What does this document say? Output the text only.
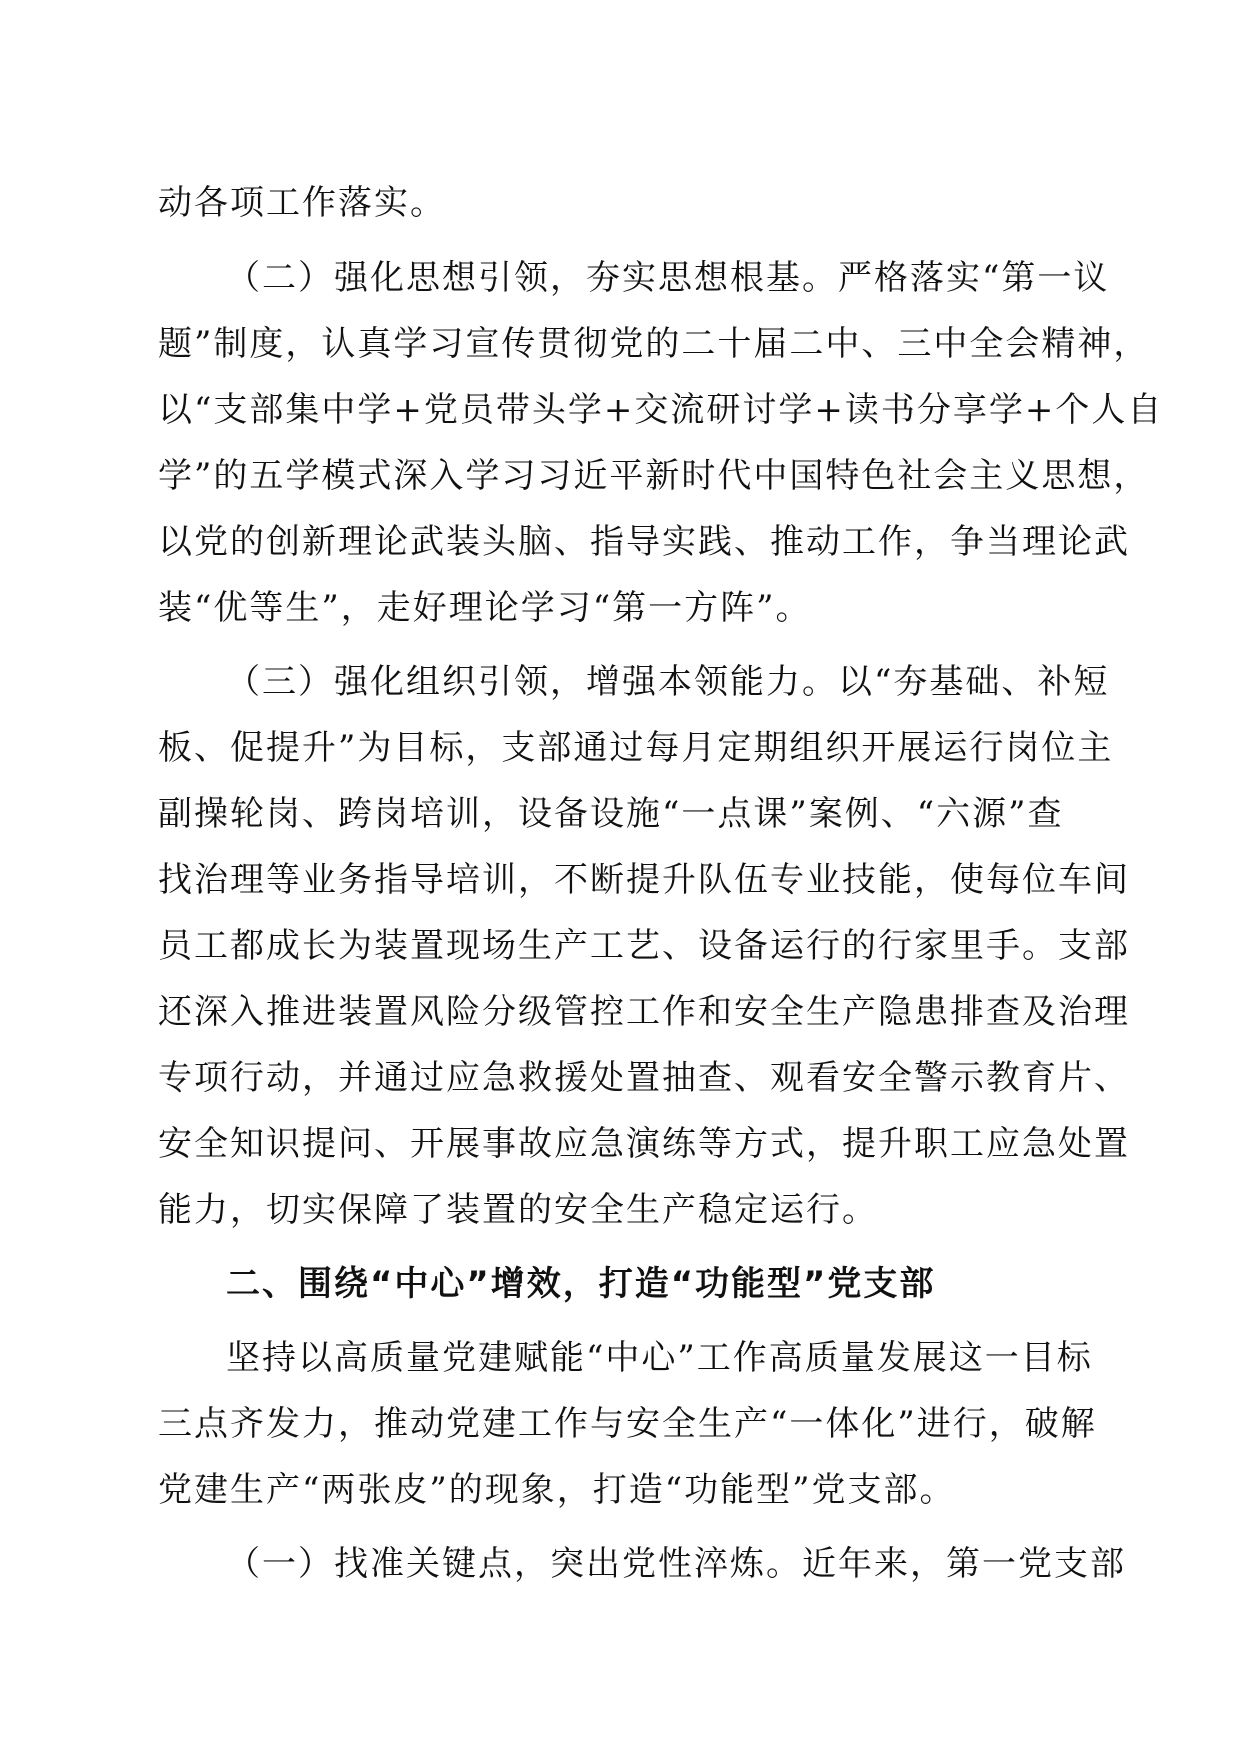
动各项工作落实。
（二）强化思想引领，夯实思想根基。严格落实“第一议
题”制度，认真学习宣传贯彻党的二十届二中、三中全会精神，
以“支部集中学+党员带头学+交流研讨学+读书分享学+个人自
学”的五学模式深入学习习近平新时代中国特色社会主义思想，
以党的创新理论武装头脑、指导实践、推动工作，争当理论武
装“优等生”，走好理论学习“第一方阵”。
（三）强化组织引领，增强本领能力。以“夯基础、补短
板、促提升”为目标，支部通过每月定期组织开展运行岗位主
副操轮岗、跨岗培训，设备设施“一点课”案例、“六源”查
找治理等业务指导培训，不断提升队伍专业技能，使每位车间
员工都成长为装置现场生产工艺、设备运行的行家里手。支部
还深入推进装置风险分级管控工作和安全生产隐患排查及治理
专项行动，并通过应急救援处置抽查、观看安全警示教育片、
安全知识提问、开展事故应急演练等方式，提升职工应急处置
能力，切实保障了装置的安全生产稳定运行。
二、围绕“中心”增效，打造“功能型”党支部
坚持以高质量党建赋能“中心”工作高质量发展这一目标
三点齐发力，推动党建工作与安全生产“一体化”进行，破解
党建生产“两张皮”的现象，打造“功能型”党支部。
（一）找准关键点，突出党性淬炼。近年来，第一党支部
